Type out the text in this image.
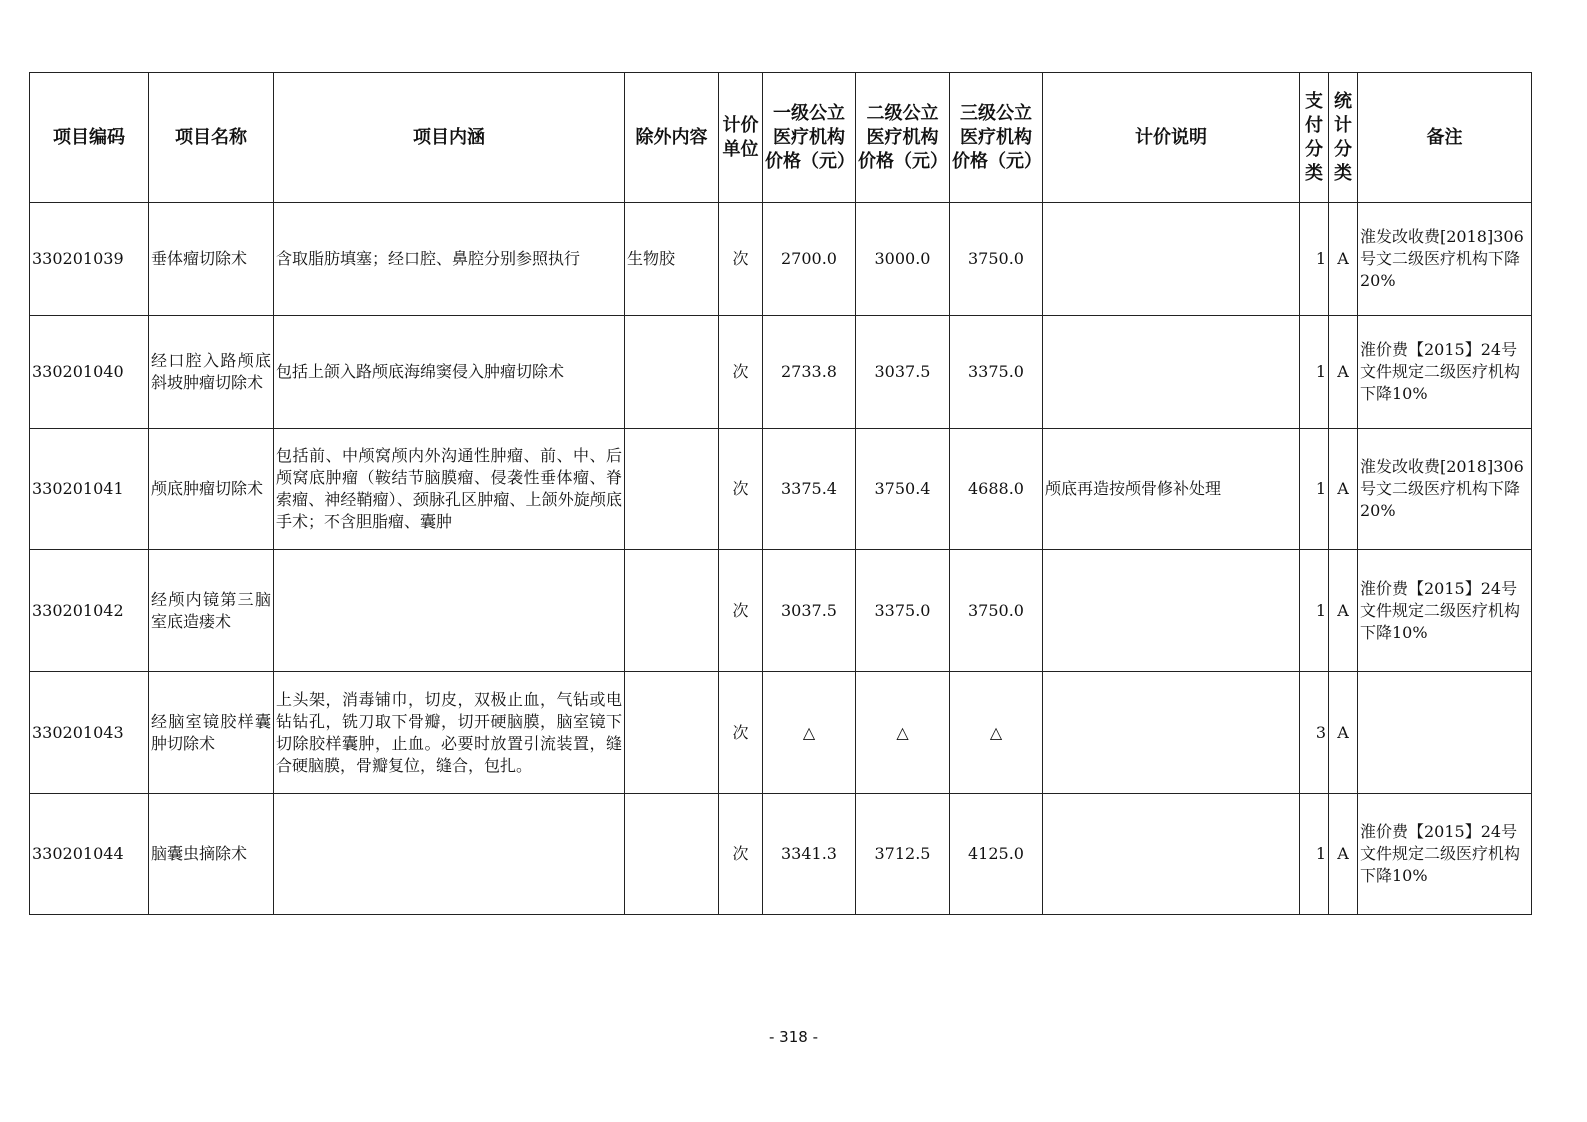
项目编码	项目名称	项目内涵	除外内容	计价单位	一级公立医疗机构价格（元）	二级公立医疗机构价格（元）	三级公立医疗机构价格（元）	计价说明	支付分类	统计分类	备注
330201039	垂体瘤切除术	含取脂肪填塞；经口腔、鼻腔分别参照执行	生物胶	次	2700.0	3000.0	3750.0		1	A	淮发改收费[2018]306号文二级医疗机构下降20%
330201040	经口腔入路颅底斜坡肿瘤切除术	包括上颌入路颅底海绵窦侵入肿瘤切除术		次	2733.8	3037.5	3375.0		1	A	淮价费【2015】24号文件规定二级医疗机构下降10%
330201041	颅底肿瘤切除术	包括前、中颅窝颅内外沟通性肿瘤、前、中、后颅窝底肿瘤（鞍结节脑膜瘤、侵袭性垂体瘤、脊索瘤、神经鞘瘤）、颈脉孔区肿瘤、上颌外旋颅底手术；不含胆脂瘤、囊肿		次	3375.4	3750.4	4688.0	颅底再造按颅骨修补处理	1	A	淮发改收费[2018]306号文二级医疗机构下降20%
330201042	经颅内镜第三脑室底造瘘术			次	3037.5	3375.0	3750.0		1	A	淮价费【2015】24号文件规定二级医疗机构下降10%
330201043	经脑室镜胶样囊肿切除术	上头架，消毒铺巾，切皮，双极止血，气钻或电钻钻孔，铣刀取下骨瓣，切开硬脑膜，脑室镜下切除胶样囊肿，止血。必要时放置引流装置，缝合硬脑膜，骨瓣复位，缝合，包扎。		次	△	△	△		3	A	
330201044	脑囊虫摘除术			次	3341.3	3712.5	4125.0		1	A	淮价费【2015】24号文件规定二级医疗机构下降10%
- 318 -
